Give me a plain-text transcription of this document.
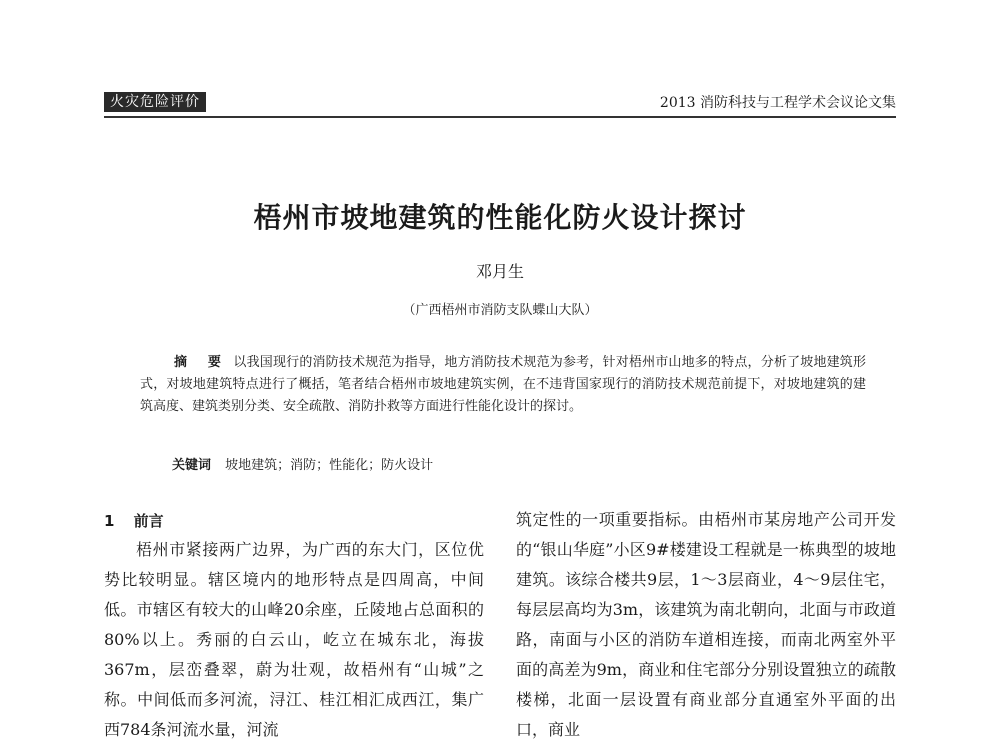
火灾危险评价	2013 消防科技与工程学术会议论文集
梧州市坡地建筑的性能化防火设计探讨
邓月生
（广西梧州市消防支队蝶山大队）
摘 要 以我国现行的消防技术规范为指导，地方消防技术规范为参考，针对梧州市山地多的特点，分析了坡地建筑形式，对坡地建筑特点进行了概括，笔者结合梧州市坡地建筑实例，在不违背国家现行的消防技术规范前提下，对坡地建筑的建筑高度、建筑类别分类、安全疏散、消防扑救等方面进行性能化设计的探讨。
关键词 坡地建筑；消防；性能化；防火设计
1 前言

梧州市紧接两广边界，为广西的东大门，区位优势比较明显。辖区境内的地形特点是四周高，中间低。市辖区有较大的山峰20余座，丘陵地占总面积的80%以上。秀丽的白云山，屹立在城东北，海拔367m，层峦叠翠，蔚为壮观，故梧州有“山城”之称。中间低而多河流，浔江、桂江相汇成西江，集广西784条河流水量，河流

筑定性的一项重要指标。由梧州市某房地产公司开发的“银山华庭”小区9#楼建设工程就是一栋典型的坡地建筑。该综合楼共9层，1～3层商业，4～9层住宅，每层层高均为3m，该建筑为南北朝向，北面与市政道路，南面与小区的消防车道相连接，而南北两室外平面的高差为9m，商业和住宅部分分别设置独立的疏散楼梯，北面一层设置有商业部分直通室外平面的出口，商业
